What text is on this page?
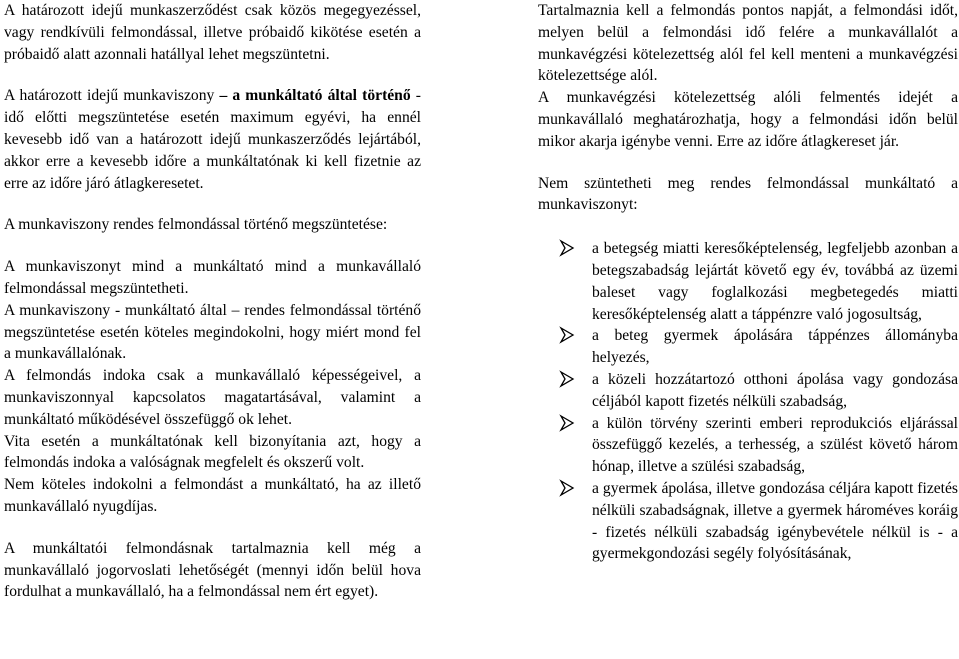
A határozott idejű munkaszerződést csak közös megegyezéssel, vagy rendkívüli felmondással, illetve próbaidő kikötése esetén a próbaidő alatt azonnali hatállyal lehet megszüntetni.

A határozott idejű munkaviszony – a munkáltató által történő - idő előtti megszüntetése esetén maximum egyévi, ha ennél kevesebb idő van a határozott idejű munkaszerződés lejártából, akkor erre a kevesebb időre a munkáltatónak ki kell fizetnie az erre az időre járó átlagkeresetet.

A munkaviszony rendes felmondással történő megszüntetése:

A munkaviszonyt mind a munkáltató mind a munkavállaló felmondással megszüntetheti.

A munkaviszony - munkáltató által – rendes felmondással történő megszüntetése esetén köteles megindokolni, hogy miért mond fel a munkavállalónak.

A felmondás indoka csak a munkavállaló képességeivel, a munkaviszonnyal kapcsolatos magatartásával, valamint a munkáltató működésével összefüggő ok lehet.

Vita esetén a munkáltatónak kell bizonyítania azt, hogy a felmondás indoka a valóságnak megfelelt és okszerű volt.

Nem köteles indokolni a felmondást a munkáltató, ha az illető munkavállaló nyugdíjas.

A munkáltatói felmondásnak tartalmaznia kell még a munkavállaló jogorvoslati lehetőségét (mennyi időn belül hova fordulhat a munkavállaló, ha a felmondással nem ért egyet).

Tartalmaznia kell a felmondás pontos napját, a felmondási időt, melyen belül a felmondási idő felére a munkavállalót a munkavégzési kötelezettség alól fel kell menteni a munkavégzési kötelezettsége alól.

A munkavégzési kötelezettség alóli felmentés idejét a munkavállaló meghatározhatja, hogy a felmondási időn belül mikor akarja igénybe venni. Erre az időre átlagkereset jár.

Nem szüntetheti meg rendes felmondással munkáltató a munkaviszonyt:

a betegség miatti keresőképtelenség, legfeljebb azonban a betegszabadság lejártát követő egy év, továbbá az üzemi baleset vagy foglalkozási megbetegedés miatti keresőképtelenség alatt a táppénzre való jogosultság,
a beteg gyermek ápolására táppénzes állományba helyezés,
a közeli hozzátartozó otthoni ápolása vagy gondozása céljából kapott fizetés nélküli szabadság,
a külön törvény szerinti emberi reprodukciós eljárással összefüggő kezelés, a terhesség, a szülést követő három hónap, illetve a szülési szabadság,
a gyermek ápolása, illetve gondozása céljára kapott fizetés nélküli szabadságnak, illetve a gyermek hároméves koráig - fizetés nélküli szabadság igénybevétele nélkül is - a gyermekgondozási segély folyósításának,
